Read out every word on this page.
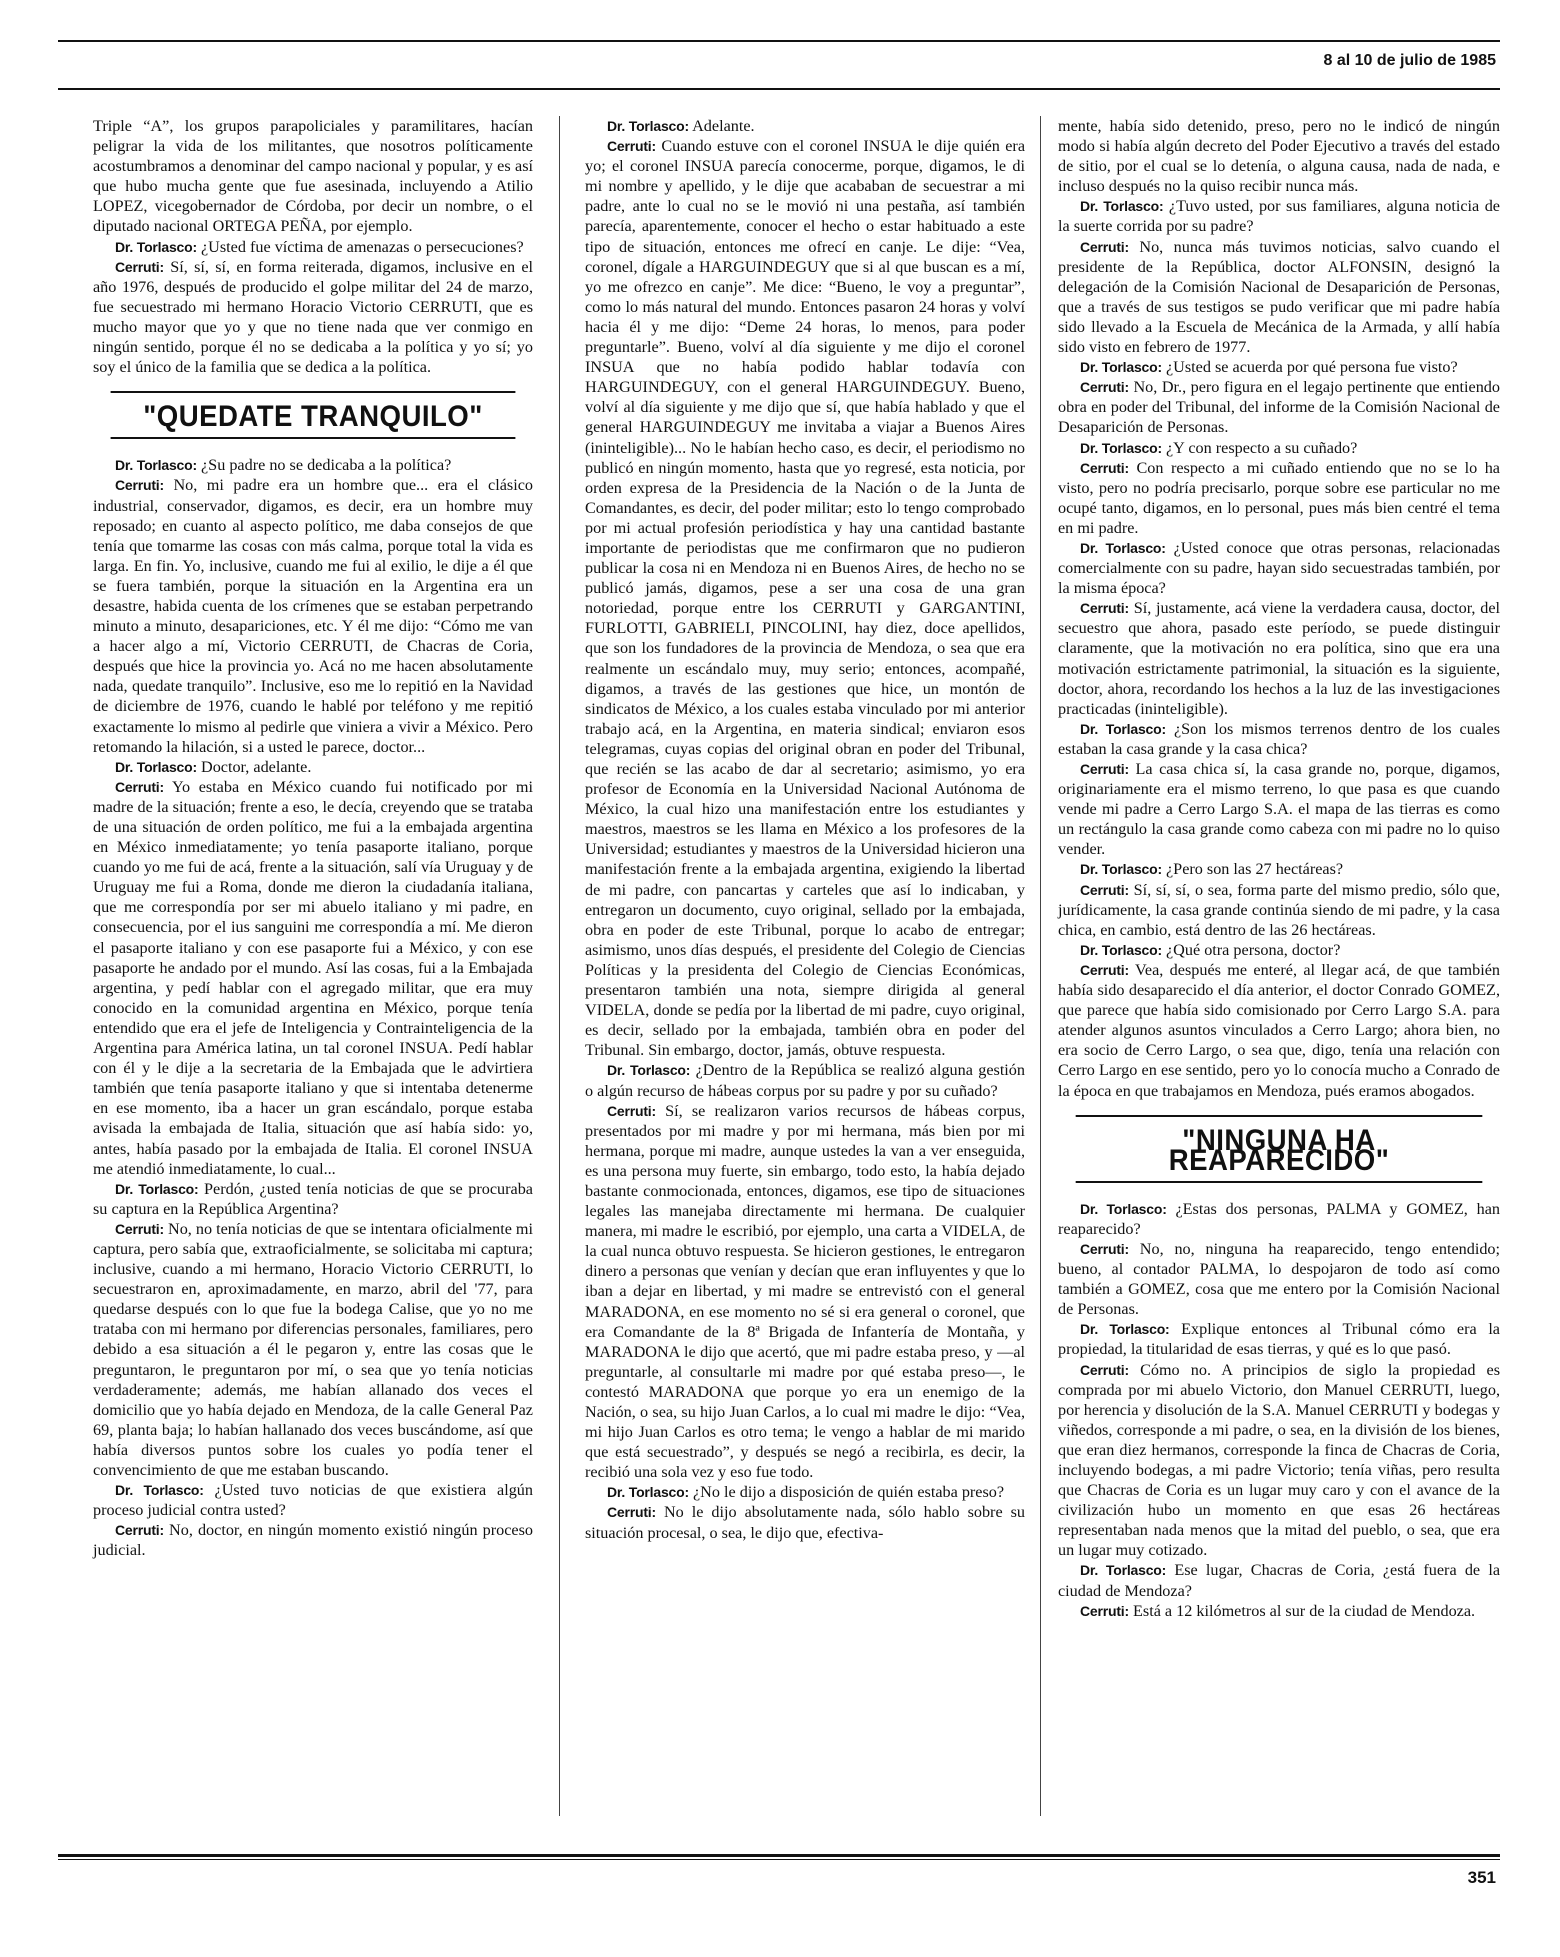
8 al 10 de julio de 1985

Triple “A”, los grupos parapoliciales y paramilitares, hacían peligrar la vida de los militantes, que nosotros políticamente acostumbramos a denominar del campo nacional y popular, y es así que hubo mucha gente que fue asesinada, incluyendo a Atilio LOPEZ, vicegobernador de Córdoba, por decir un nombre, o el diputado nacional ORTEGA PEÑA, por ejemplo.

Dr. Torlasco: ¿Usted fue víctima de amenazas o persecuciones?

Cerruti: Sí, sí, sí, en forma reiterada, digamos, inclusive en el año 1976, después de producido el golpe militar del 24 de marzo, fue secuestrado mi hermano Horacio Victorio CERRUTI, que es mucho mayor que yo y que no tiene nada que ver conmigo en ningún sentido, porque él no se dedicaba a la política y yo sí; yo soy el único de la familia que se dedica a la política.

"QUEDATE TRANQUILO"

Dr. Torlasco: ¿Su padre no se dedicaba a la política?

Cerruti: No, mi padre era un hombre que... era el clásico industrial, conservador, digamos, es decir, era un hombre muy reposado; en cuanto al aspecto político, me daba consejos de que tenía que tomarme las cosas con más calma, porque total la vida es larga. En fin. Yo, inclusive, cuando me fui al exilio, le dije a él que se fuera también, porque la situación en la Argentina era un desastre, habida cuenta de los crímenes que se estaban perpetrando minuto a minuto, desapariciones, etc. Y él me dijo: “Cómo me van a hacer algo a mí, Victorio CERRUTI, de Chacras de Coria, después que hice la provincia yo. Acá no me hacen absolutamente nada, quedate tranquilo”. Inclusive, eso me lo repitió en la Navidad de diciembre de 1976, cuando le hablé por teléfono y me repitió exactamente lo mismo al pedirle que viniera a vivir a México. Pero retomando la hilación, si a usted le parece, doctor...

Dr. Torlasco: Doctor, adelante.

Cerruti: Yo estaba en México cuando fui notificado por mi madre de la situación; frente a eso, le decía, creyendo que se trataba de una situación de orden político, me fui a la embajada argentina en México inmediatamente; yo tenía pasaporte italiano, porque cuando yo me fui de acá, frente a la situación, salí vía Uruguay y de Uruguay me fui a Roma, donde me dieron la ciudadanía italiana, que me correspondía por ser mi abuelo italiano y mi padre, en consecuencia, por el ius sanguini me correspondía a mí. Me dieron el pasaporte italiano y con ese pasaporte fui a México, y con ese pasaporte he andado por el mundo. Así las cosas, fui a la Embajada argentina, y pedí hablar con el agregado militar, que era muy conocido en la comunidad argentina en México, porque tenía entendido que era el jefe de Inteligencia y Contrainteligencia de la Argentina para América latina, un tal coronel INSUA. Pedí hablar con él y le dije a la secretaria de la Embajada que le advirtiera también que tenía pasaporte italiano y que si intentaba detenerme en ese momento, iba a hacer un gran escándalo, porque estaba avisada la embajada de Italia, situación que así había sido: yo, antes, había pasado por la embajada de Italia. El coronel INSUA me atendió inmediatamente, lo cual...

Dr. Torlasco: Perdón, ¿usted tenía noticias de que se procuraba su captura en la República Argentina?

Cerruti: No, no tenía noticias de que se intentara oficialmente mi captura, pero sabía que, extraoficialmente, se solicitaba mi captura; inclusive, cuando a mi hermano, Horacio Victorio CERRUTI, lo secuestraron en, aproximadamente, en marzo, abril del '77, para quedarse después con lo que fue la bodega Calise, que yo no me trataba con mi hermano por diferencias personales, familiares, pero debido a esa situación a él le pegaron y, entre las cosas que le preguntaron, le preguntaron por mí, o sea que yo tenía noticias verdaderamente; además, me habían allanado dos veces el domicilio que yo había dejado en Mendoza, de la calle General Paz 69, planta baja; lo habían hallanado dos veces buscándome, así que había diversos puntos sobre los cuales yo podía tener el convencimiento de que me estaban buscando.

Dr. Torlasco: ¿Usted tuvo noticias de que existiera algún proceso judicial contra usted?

Cerruti: No, doctor, en ningún momento existió ningún proceso judicial.

Dr. Torlasco: Adelante.

Cerruti: Cuando estuve con el coronel INSUA le dije quién era yo; el coronel INSUA parecía conocerme, porque, digamos, le di mi nombre y apellido, y le dije que acababan de secuestrar a mi padre, ante lo cual no se le movió ni una pestaña, así también parecía, aparentemente, conocer el hecho o estar habituado a este tipo de situación, entonces me ofrecí en canje. Le dije: “Vea, coronel, dígale a HARGUINDEGUY que si al que buscan es a mí, yo me ofrezco en canje”. Me dice: “Bueno, le voy a preguntar”, como lo más natural del mundo. Entonces pasaron 24 horas y volví hacia él y me dijo: “Deme 24 horas, lo menos, para poder preguntarle”. Bueno, volví al día siguiente y me dijo el coronel INSUA que no había podido hablar todavía con HARGUINDEGUY, con el general HARGUINDEGUY. Bueno, volví al día siguiente y me dijo que sí, que había hablado y que el general HARGUINDEGUY me invitaba a viajar a Buenos Aires (ininteligible)... No le habían hecho caso, es decir, el periodismo no publicó en ningún momento, hasta que yo regresé, esta noticia, por orden expresa de la Presidencia de la Nación o de la Junta de Comandantes, es decir, del poder militar; esto lo tengo comprobado por mi actual profesión periodística y hay una cantidad bastante importante de periodistas que me confirmaron que no pudieron publicar la cosa ni en Mendoza ni en Buenos Aires, de hecho no se publicó jamás, digamos, pese a ser una cosa de una gran notoriedad, porque entre los CERRUTI y GARGANTINI, FURLOTTI, GABRIELI, PINCOLINI, hay diez, doce apellidos, que son los fundadores de la provincia de Mendoza, o sea que era realmente un escándalo muy, muy serio; entonces, acompañé, digamos, a través de las gestiones que hice, un montón de sindicatos de México, a los cuales estaba vinculado por mi anterior trabajo acá, en la Argentina, en materia sindical; enviaron esos telegramas, cuyas copias del original obran en poder del Tribunal, que recién se las acabo de dar al secretario; asimismo, yo era profesor de Economía en la Universidad Nacional Autónoma de México, la cual hizo una manifestación entre los estudiantes y maestros, maestros se les llama en México a los profesores de la Universidad; estudiantes y maestros de la Universidad hicieron una manifestación frente a la embajada argentina, exigiendo la libertad de mi padre, con pancartas y carteles que así lo indicaban, y entregaron un documento, cuyo original, sellado por la embajada, obra en poder de este Tribunal, porque lo acabo de entregar; asimismo, unos días después, el presidente del Colegio de Ciencias Políticas y la presidenta del Colegio de Ciencias Económicas, presentaron también una nota, siempre dirigida al general VIDELA, donde se pedía por la libertad de mi padre, cuyo original, es decir, sellado por la embajada, también obra en poder del Tribunal. Sin embargo, doctor, jamás, obtuve respuesta.

Dr. Torlasco: ¿Dentro de la República se realizó alguna gestión o algún recurso de hábeas corpus por su padre y por su cuñado?

Cerruti: Sí, se realizaron varios recursos de hábeas corpus, presentados por mi madre y por mi hermana, más bien por mi hermana, porque mi madre, aunque ustedes la van a ver enseguida, es una persona muy fuerte, sin embargo, todo esto, la había dejado bastante conmocionada, entonces, digamos, ese tipo de situaciones legales las manejaba directamente mi hermana. De cualquier manera, mi madre le escribió, por ejemplo, una carta a VIDELA, de la cual nunca obtuvo respuesta. Se hicieron gestiones, le entregaron dinero a personas que venían y decían que eran influyentes y que lo iban a dejar en libertad, y mi madre se entrevistó con el general MARADONA, en ese momento no sé si era general o coronel, que era Comandante de la 8ª Brigada de Infantería de Montaña, y MARADONA le dijo que acertó, que mi padre estaba preso, y —al preguntarle, al consultarle mi madre por qué estaba preso—, le contestó MARADONA que porque yo era un enemigo de la Nación, o sea, su hijo Juan Carlos, a lo cual mi madre le dijo: “Vea, mi hijo Juan Carlos es otro tema; le vengo a hablar de mi marido que está secuestrado”, y después se negó a recibirla, es decir, la recibió una sola vez y eso fue todo.

Dr. Torlasco: ¿No le dijo a disposición de quién estaba preso?

Cerruti: No le dijo absolutamente nada, sólo hablo sobre su situación procesal, o sea, le dijo que, efectiva-

mente, había sido detenido, preso, pero no le indicó de ningún modo si había algún decreto del Poder Ejecutivo a través del estado de sitio, por el cual se lo detenía, o alguna causa, nada de nada, e incluso después no la quiso recibir nunca más.

Dr. Torlasco: ¿Tuvo usted, por sus familiares, alguna noticia de la suerte corrida por su padre?

Cerruti: No, nunca más tuvimos noticias, salvo cuando el presidente de la República, doctor ALFONSIN, designó la delegación de la Comisión Nacional de Desaparición de Personas, que a través de sus testigos se pudo verificar que mi padre había sido llevado a la Escuela de Mecánica de la Armada, y allí había sido visto en febrero de 1977.

Dr. Torlasco: ¿Usted se acuerda por qué persona fue visto?

Cerruti: No, Dr., pero figura en el legajo pertinente que entiendo obra en poder del Tribunal, del informe de la Comisión Nacional de Desaparición de Personas.

Dr. Torlasco: ¿Y con respecto a su cuñado?

Cerruti: Con respecto a mi cuñado entiendo que no se lo ha visto, pero no podría precisarlo, porque sobre ese particular no me ocupé tanto, digamos, en lo personal, pues más bien centré el tema en mi padre.

Dr. Torlasco: ¿Usted conoce que otras personas, relacionadas comercialmente con su padre, hayan sido secuestradas también, por la misma época?

Cerruti: Sí, justamente, acá viene la verdadera causa, doctor, del secuestro que ahora, pasado este período, se puede distinguir claramente, que la motivación no era política, sino que era una motivación estrictamente patrimonial, la situación es la siguiente, doctor, ahora, recordando los hechos a la luz de las investigaciones practicadas (ininteligible).

Dr. Torlasco: ¿Son los mismos terrenos dentro de los cuales estaban la casa grande y la casa chica?

Cerruti: La casa chica sí, la casa grande no, porque, digamos, originariamente era el mismo terreno, lo que pasa es que cuando vende mi padre a Cerro Largo S.A. el mapa de las tierras es como un rectángulo la casa grande como cabeza con mi padre no lo quiso vender.

Dr. Torlasco: ¿Pero son las 27 hectáreas?

Cerruti: Sí, sí, sí, o sea, forma parte del mismo predio, sólo que, jurídicamente, la casa grande continúa siendo de mi padre, y la casa chica, en cambio, está dentro de las 26 hectáreas.

Dr. Torlasco: ¿Qué otra persona, doctor?

Cerruti: Vea, después me enteré, al llegar acá, de que también había sido desaparecido el día anterior, el doctor Conrado GOMEZ, que parece que había sido comisionado por Cerro Largo S.A. para atender algunos asuntos vinculados a Cerro Largo; ahora bien, no era socio de Cerro Largo, o sea que, digo, tenía una relación con Cerro Largo en ese sentido, pero yo lo conocía mucho a Conrado de la época en que trabajamos en Mendoza, pués eramos abogados.

"NINGUNA HA REAPARECIDO"

Dr. Torlasco: ¿Estas dos personas, PALMA y GOMEZ, han reaparecido?

Cerruti: No, no, ninguna ha reaparecido, tengo entendido; bueno, al contador PALMA, lo despojaron de todo así como también a GOMEZ, cosa que me entero por la Comisión Nacional de Personas.

Dr. Torlasco: Explique entonces al Tribunal cómo era la propiedad, la titularidad de esas tierras, y qué es lo que pasó.

Cerruti: Cómo no. A principios de siglo la propiedad es comprada por mi abuelo Victorio, don Manuel CERRUTI, luego, por herencia y disolución de la S.A. Manuel CERRUTI y bodegas y viñedos, corresponde a mi padre, o sea, en la división de los bienes, que eran diez hermanos, corresponde la finca de Chacras de Coria, incluyendo bodegas, a mi padre Victorio; tenía viñas, pero resulta que Chacras de Coria es un lugar muy caro y con el avance de la civilización hubo un momento en que esas 26 hectáreas representaban nada menos que la mitad del pueblo, o sea, que era un lugar muy cotizado.

Dr. Torlasco: Ese lugar, Chacras de Coria, ¿está fuera de la ciudad de Mendoza?

Cerruti: Está a 12 kilómetros al sur de la ciudad de Mendoza.

351
